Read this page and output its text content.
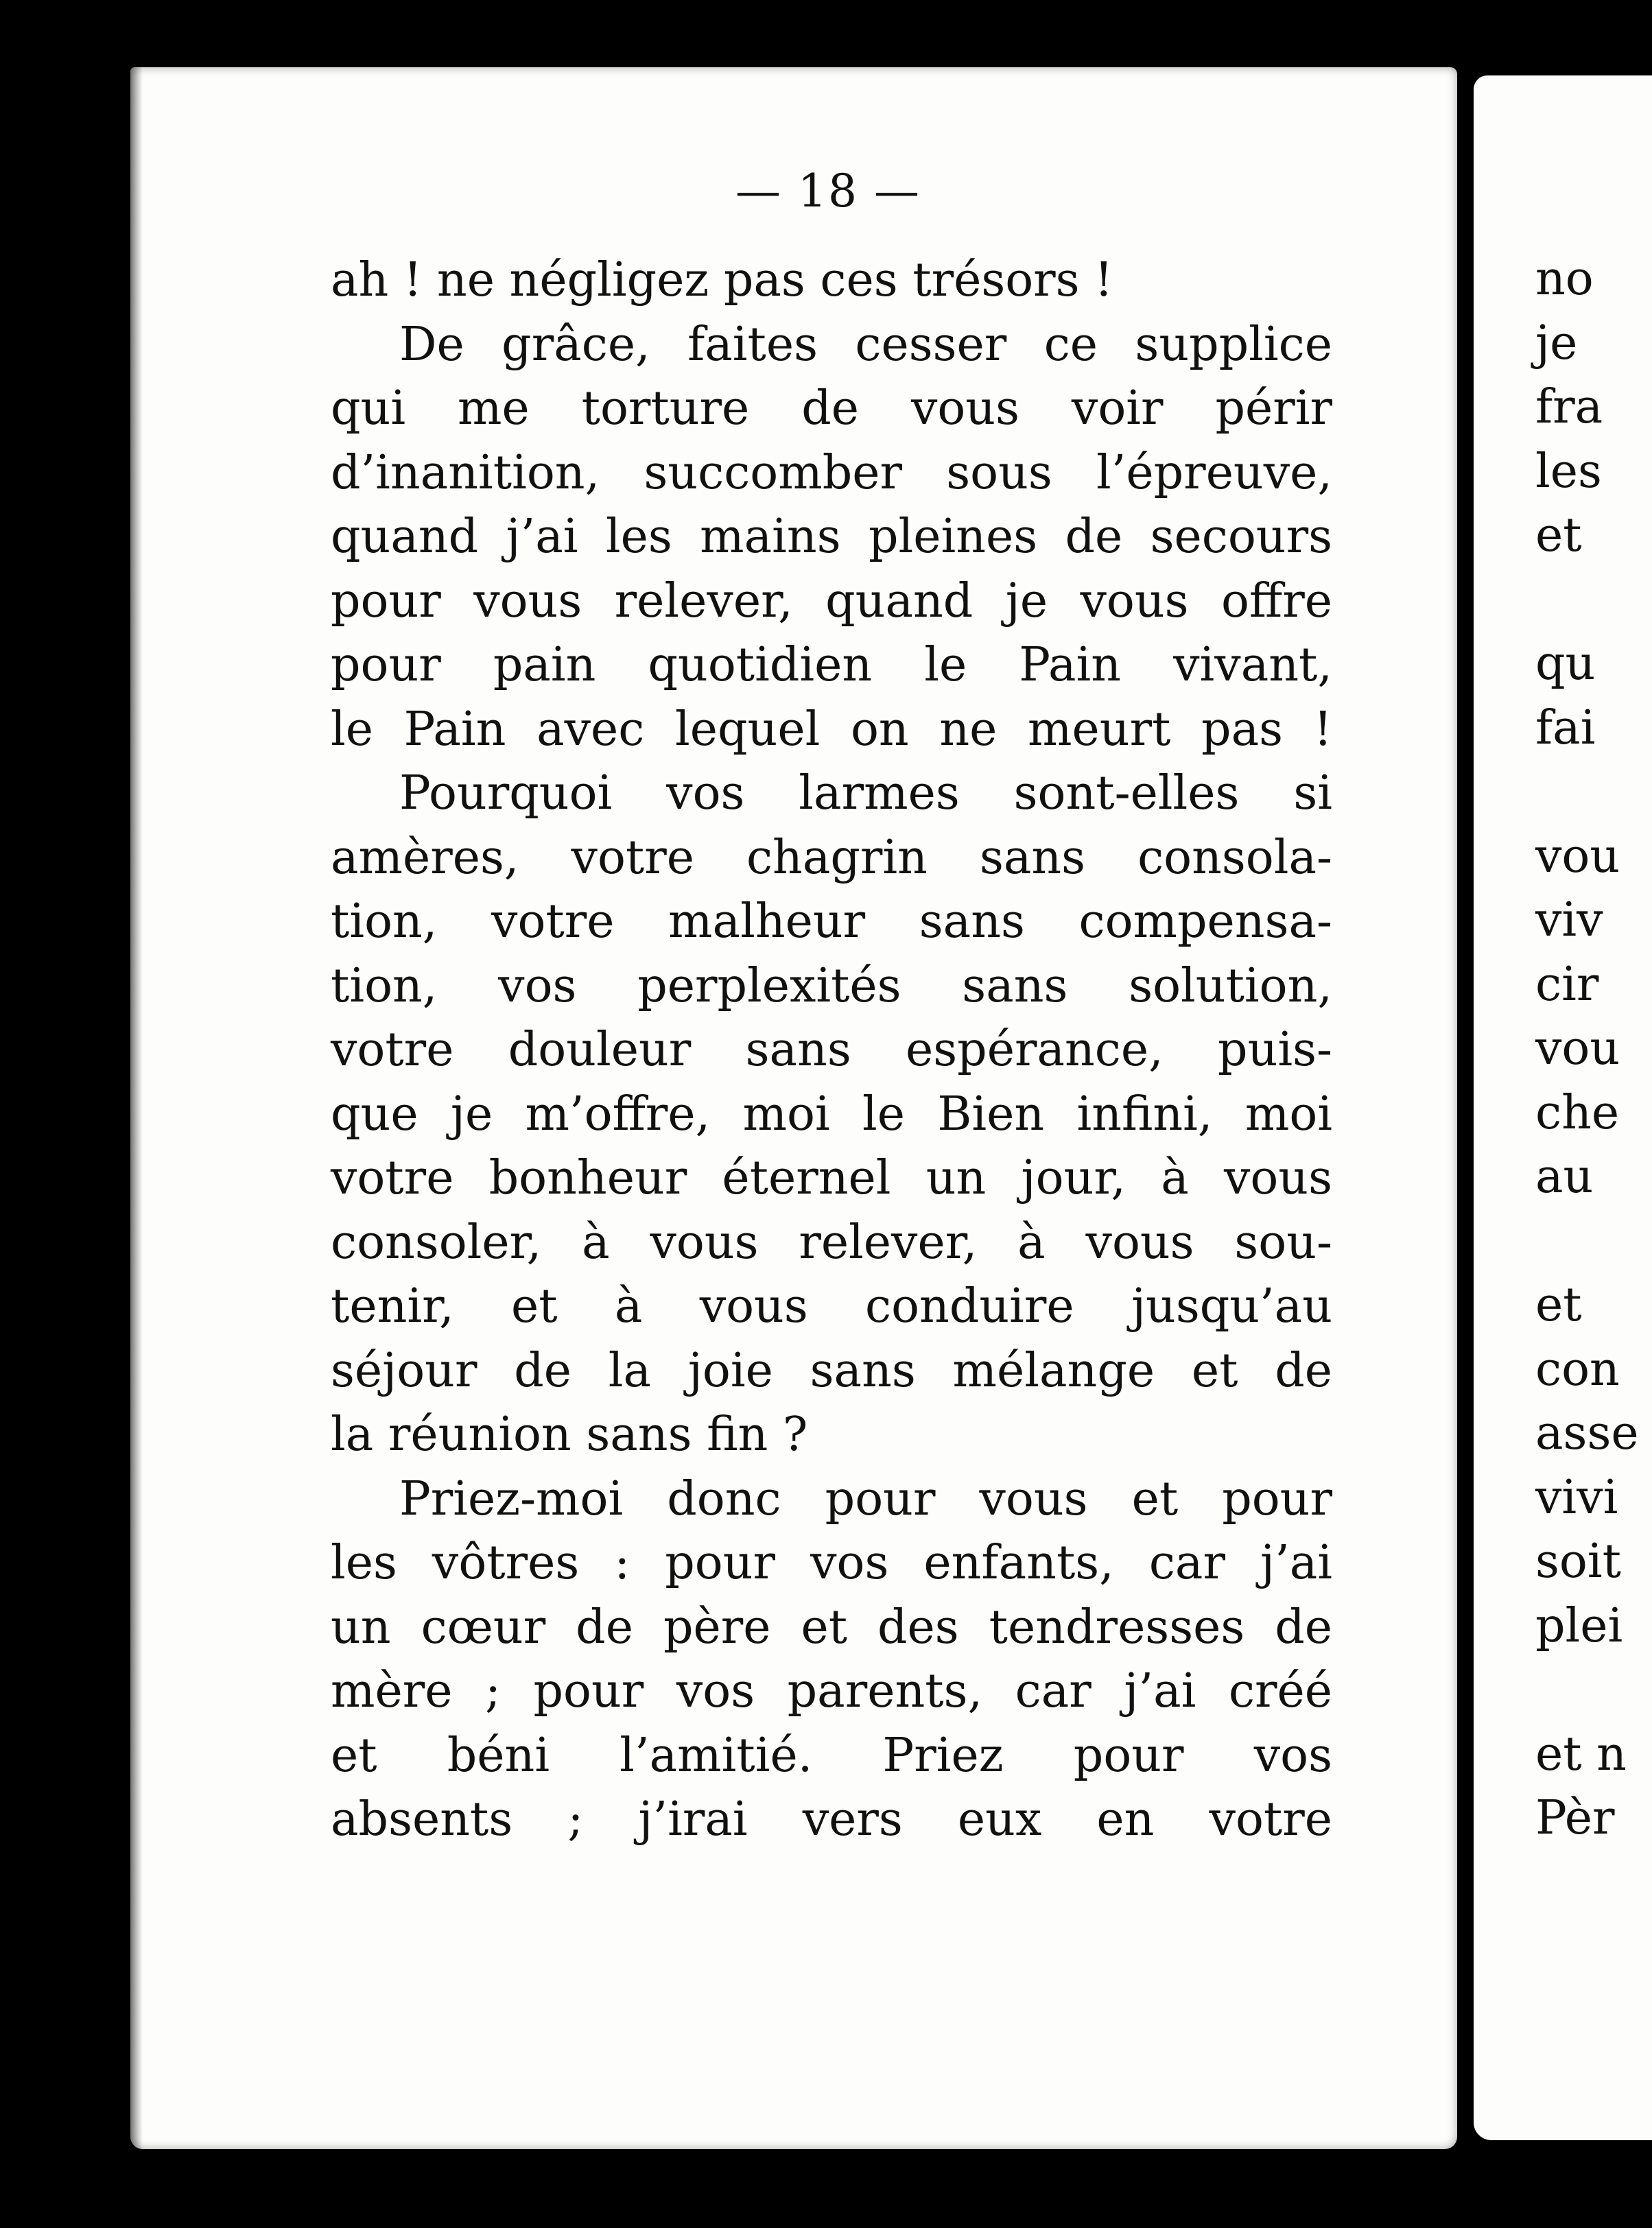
— 18 —
ah ! ne négligez pas ces trésors !
De grâce, faites cesser ce supplice
qui me torture de vous voir périr
d’inanition, succomber sous l’épreuve,
quand j’ai les mains pleines de secours
pour vous relever, quand je vous offre
pour pain quotidien le Pain vivant,
le Pain avec lequel on ne meurt pas !
Pourquoi vos larmes sont-elles si
amères, votre chagrin sans consola-
tion, votre malheur sans compensa-
tion, vos perplexités sans solution,
votre douleur sans espérance, puis-
que je m’offre, moi le Bien infini, moi
votre bonheur éternel un jour, à vous
consoler, à vous relever, à vous sou-
tenir, et à vous conduire jusqu’au
séjour de la joie sans mélange et de
la réunion sans fin ?
Priez-moi donc pour vous et pour
les vôtres : pour vos enfants, car j’ai
un cœur de père et des tendresses de
mère ; pour vos parents, car j’ai créé
et béni l’amitié. Priez pour vos
absents ; j’irai vers eux en votre
no
je
fra
les
et
qu
fai
vou
viv
cir
vou
che
au
et
con
asse
vivi
soit
plei
et n
Pèr
